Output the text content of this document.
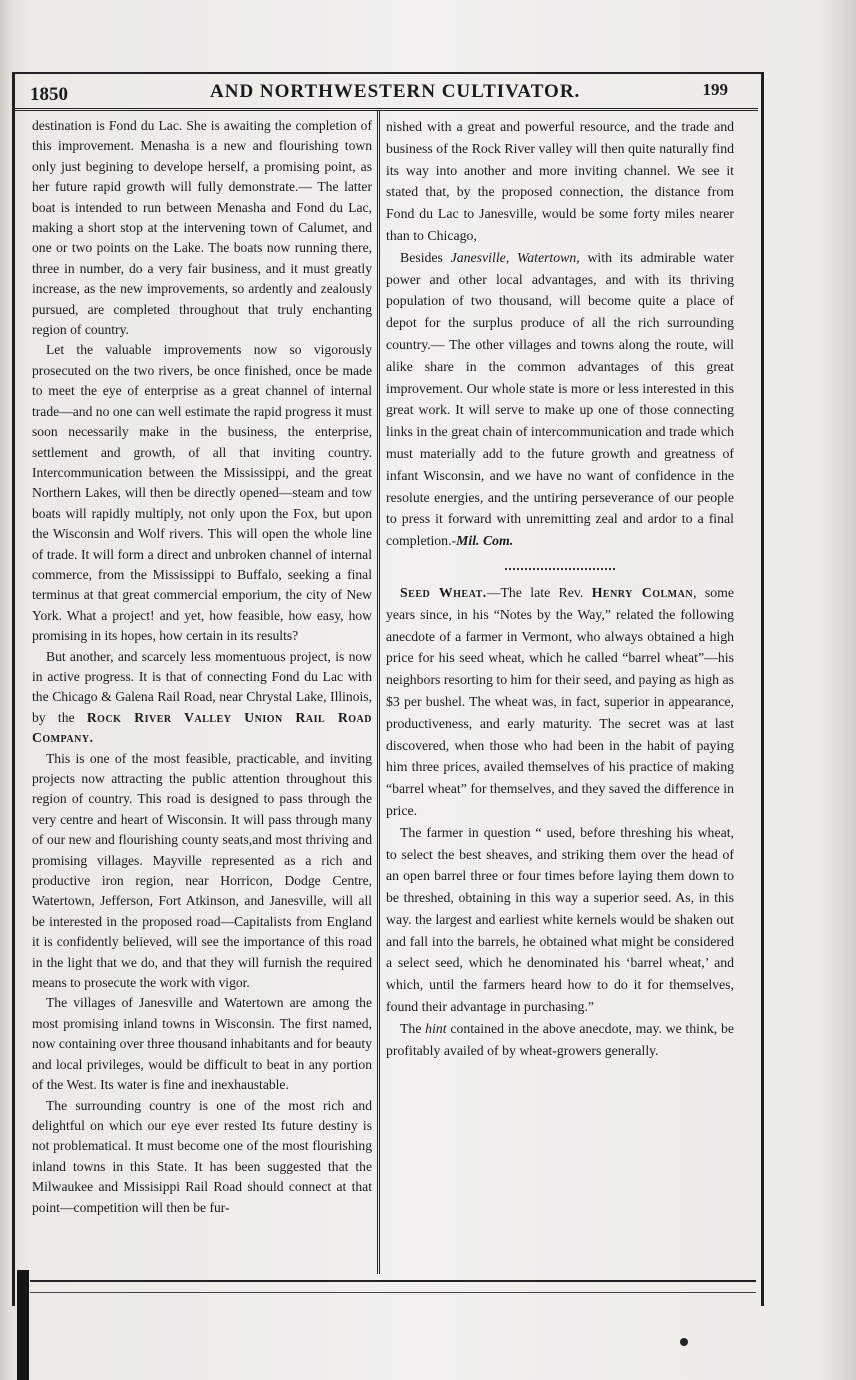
1850	AND NORTHWESTERN CULTIVATOR.	199

destination is Fond du Lac. She is awaiting the completion of this improvement. Menasha is a new and flourishing town only just begining to develope herself, a promising point, as her future rapid growth will fully demonstrate.— The latter boat is intended to run between Menasha and Fond du Lac, making a short stop at the intervening town of Calumet, and one or two points on the Lake. The boats now running there, three in number, do a very fair business, and it must greatly increase, as the new improvements, so ardently and zealously pursued, are completed throughout that truly enchanting region of country.

Let the valuable improvements now so vigorously prosecuted on the two rivers, be once finished, once be made to meet the eye of enterprise as a great channel of internal trade—and no one can well estimate the rapid progress it must soon necessarily make in the business, the enterprise, settlement and growth, of all that inviting country. Intercommunication between the Mississippi, and the great Northern Lakes, will then be directly opened—steam and tow boats will rapidly multiply, not only upon the Fox, but upon the Wisconsin and Wolf rivers. This will open the whole line of trade. It will form a direct and unbroken channel of internal commerce, from the Mississippi to Buffalo, seeking a final terminus at that great commercial emporium, the city of New York. What a project! and yet, how feasible, how easy, how promising in its hopes, how certain in its results?

But another, and scarcely less momentuous project, is now in active progress. It is that of connecting Fond du Lac with the Chicago & Galena Rail Road, near Chrystal Lake, Illinois, by the Rock River Valley Union Rail Road Company.

This is one of the most feasible, practicable, and inviting projects now attracting the public attention throughout this region of country. This road is designed to pass through the very centre and heart of Wisconsin. It will pass through many of our new and flourishing county seats,and most thriving and promising villages. Mayville represented as a rich and productive iron region, near Horricon, Dodge Centre, Watertown, Jefferson, Fort Atkinson, and Janesville, will all be interested in the proposed road—Capitalists from England it is confidently believed, will see the importance of this road in the light that we do, and that they will furnish the required means to prosecute the work with vigor.

The villages of Janesville and Watertown are among the most promising inland towns in Wisconsin. The first named, now containing over three thousand inhabitants and for beauty and local privileges, would be difficult to beat in any portion of the West. Its water is fine and inexhaustable.

The surrounding country is one of the most rich and delightful on which our eye ever rested Its future destiny is not problematical. It must become one of the most flourishing inland towns in this State. It has been suggested that the Milwaukee and Missisippi Rail Road should connect at that point—competition will then be fur-

nished with a great and powerful resource, and the trade and business of the Rock River valley will then quite naturally find its way into another and more inviting channel. We see it stated that, by the proposed connection, the distance from Fond du Lac to Janesville, would be some forty miles nearer than to Chicago,

Besides Janesville, Watertown, with its admirable water power and other local advantages, and with its thriving population of two thousand, will become quite a place of depot for the surplus produce of all the rich surrounding country.— The other villages and towns along the route, will alike share in the common advantages of this great improvement. Our whole state is more or less interested in this great work. It will serve to make up one of those connecting links in the great chain of intercommunication and trade which must materially add to the future growth and greatness of infant Wisconsin, and we have no want of confidence in the resolute energies, and the untiring perseverance of our people to press it forward with unremitting zeal and ardor to a final completion.-Mil. Com.

Seed Wheat.—The late Rev. Henry Colman, some years since, in his “Notes by the Way,” related the following anecdote of a farmer in Vermont, who always obtained a high price for his seed wheat, which he called “barrel wheat”—his neighbors resorting to him for their seed, and paying as high as $3 per bushel. The wheat was, in fact, superior in appearance, productiveness, and early maturity. The secret was at last discovered, when those who had been in the habit of paying him three prices, availed themselves of his practice of making “barrel wheat” for themselves, and they saved the difference in price.

The farmer in question “ used, before threshing his wheat, to select the best sheaves, and striking them over the head of an open barrel three or four times before laying them down to be threshed, obtaining in this way a superior seed. As, in this way. the largest and earliest white kernels would be shaken out and fall into the barrels, he obtained what might be considered a select seed, which he denominated his ‘barrel wheat,’ and which, until the farmers heard how to do it for themselves, found their advantage in purchasing.”

The hint contained in the above anecdote, may. we think, be profitably availed of by wheat-growers generally.
